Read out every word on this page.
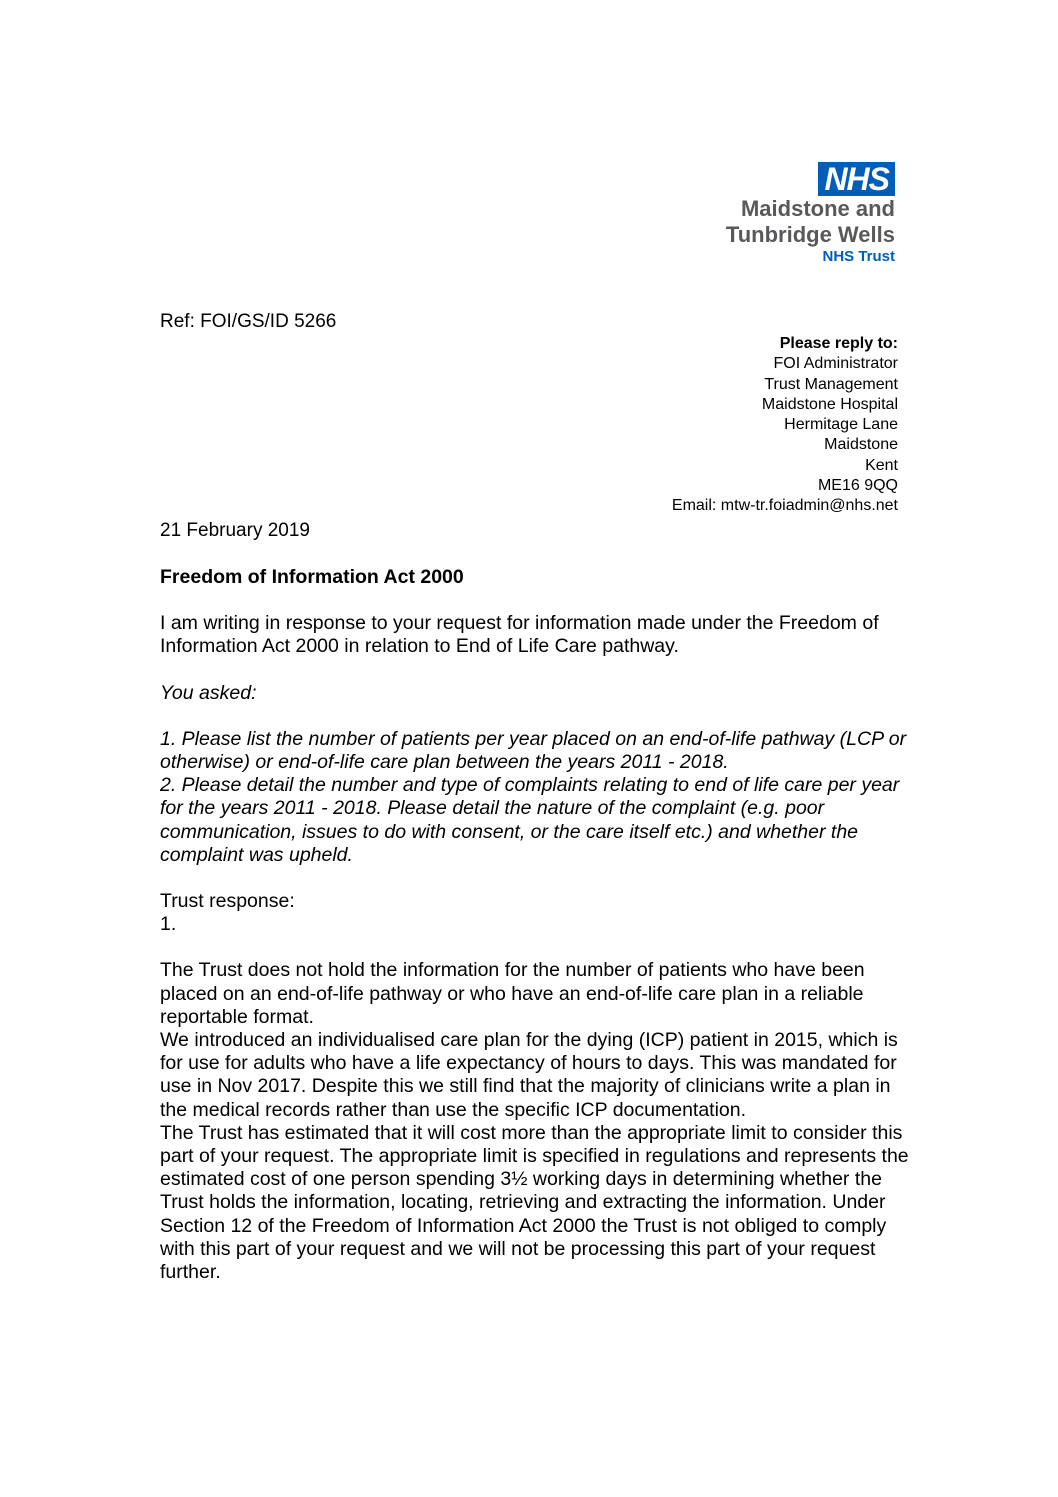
NHS
Maidstone and
Tunbridge Wells
NHS Trust
Ref: FOI/GS/ID 5266
Please reply to:
FOI Administrator
Trust Management
Maidstone Hospital
Hermitage Lane
Maidstone
Kent
ME16 9QQ
Email: mtw-tr.foiadmin@nhs.net
21 February 2019

Freedom of Information Act 2000

I am writing in response to your request for information made under the Freedom of Information Act 2000 in relation to End of Life Care pathway.

You asked:

1. Please list the number of patients per year placed on an end-of-life pathway (LCP or otherwise) or end-of-life care plan between the years 2011 - 2018.

2. Please detail the number and type of complaints relating to end of life care per year for the years 2011 - 2018. Please detail the nature of the complaint (e.g. poor communication, issues to do with consent, or the care itself etc.) and whether the complaint was upheld.

Trust response:

1.

The Trust does not hold the information for the number of patients who have been placed on an end-of-life pathway or who have an end-of-life care plan in a reliable reportable format.

We introduced an individualised care plan for the dying (ICP) patient in 2015, which is for use for adults who have a life expectancy of hours to days. This was mandated for use in Nov 2017. Despite this we still find that the majority of clinicians write a plan in the medical records rather than use the specific ICP documentation.

The Trust has estimated that it will cost more than the appropriate limit to consider this part of your request. The appropriate limit is specified in regulations and represents the estimated cost of one person spending 3½ working days in determining whether the Trust holds the information, locating, retrieving and extracting the information. Under Section 12 of the Freedom of Information Act 2000 the Trust is not obliged to comply with this part of your request and we will not be processing this part of your request further.
